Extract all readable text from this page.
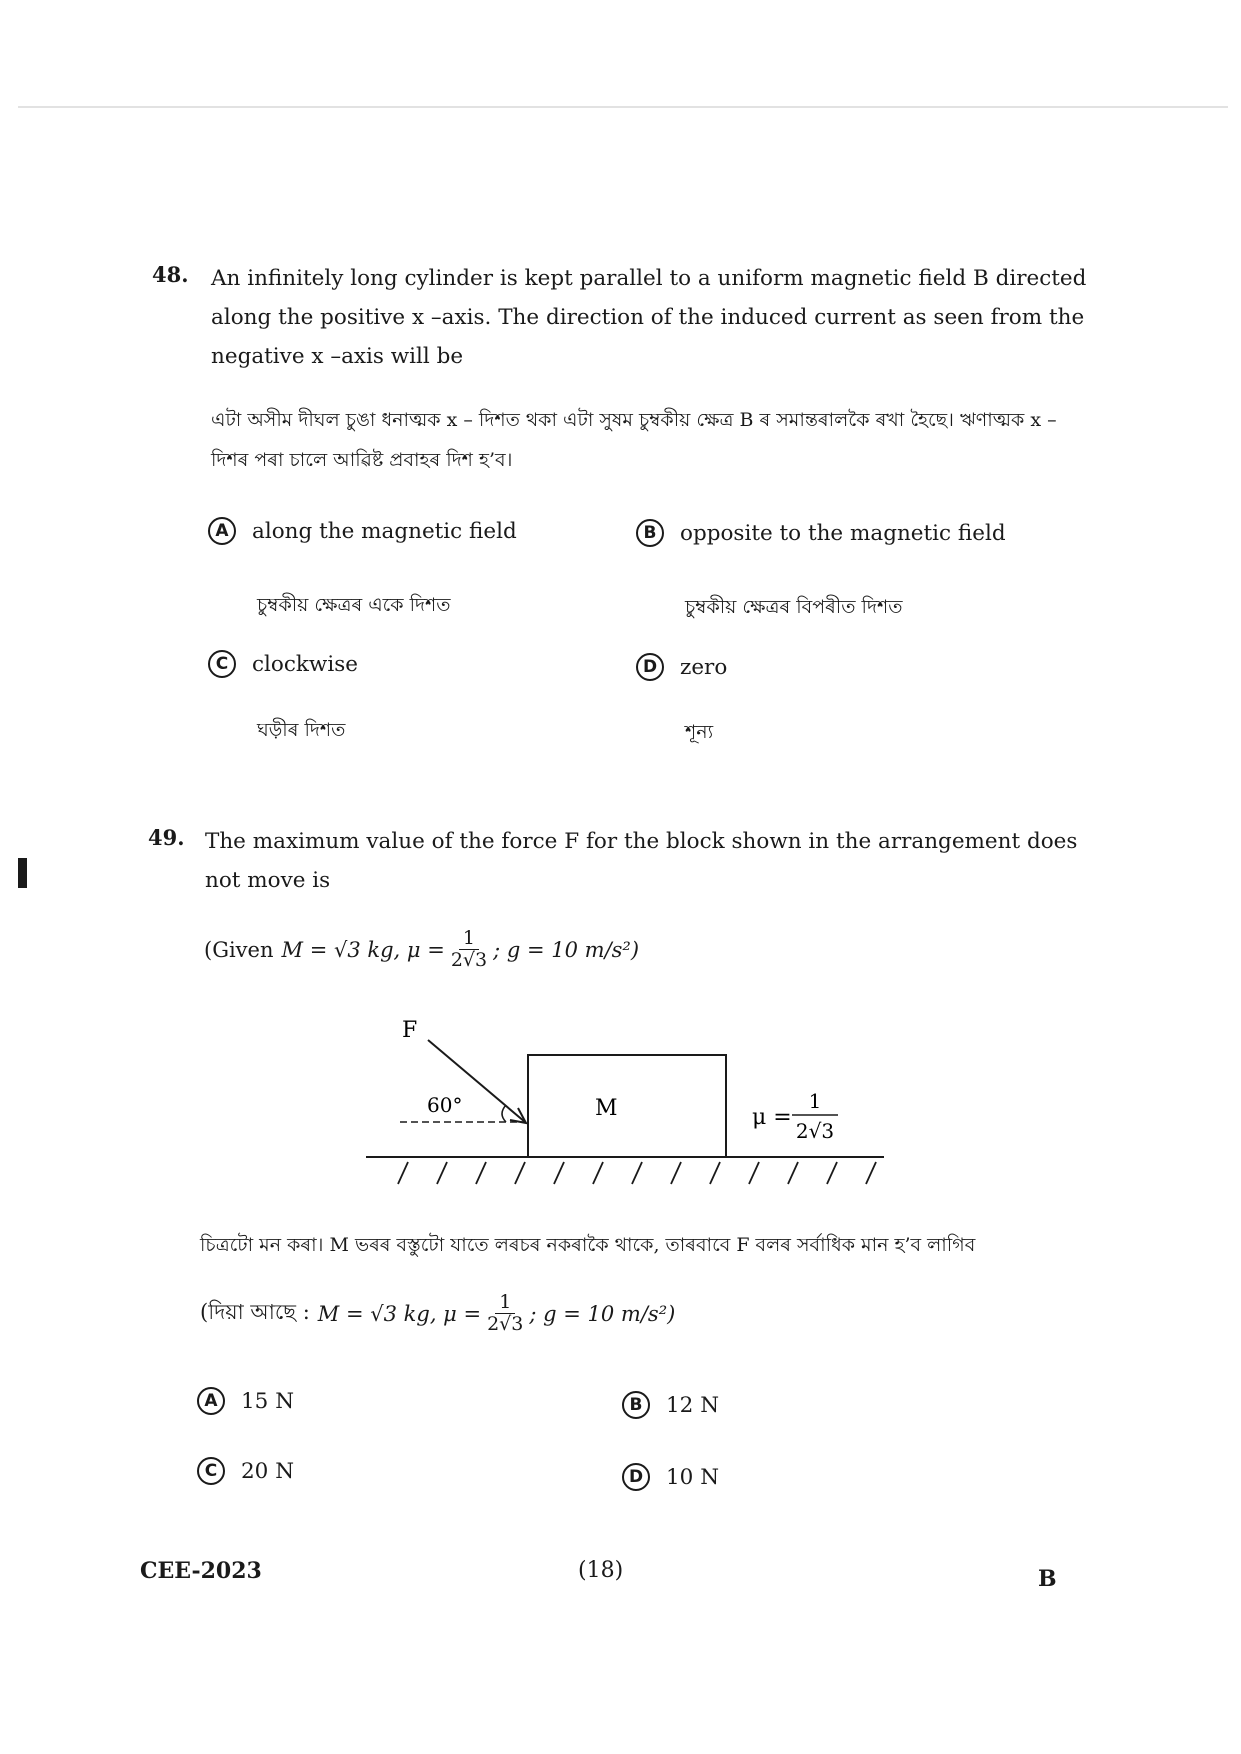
48. An infinitely long cylinder is kept parallel to a uniform magnetic field B directed along the positive x –axis. The direction of the induced current as seen from the negative x –axis will be
এটা অসীম দীঘল চুঙা ধনাত্মক x – দিশত থকা এটা সুষম চুম্বকীয় ক্ষেত্ৰ B ৰ সমান্তৰালকৈ ৰখা হৈছে। ঋণাত্মক x – দিশৰ পৰা চালে আৱিষ্ট প্ৰবাহৰ দিশ হ’ব।
A	along the magnetic field
চুম্বকীয় ক্ষেত্ৰৰ একে দিশত
B	opposite to the magnetic field
চুম্বকীয় ক্ষেত্ৰৰ বিপৰীত দিশত
C	clockwise
ঘড়ীৰ দিশত
D	zero
শূন্য
49. The maximum value of the force F for the block shown in the arrangement does not move is
(Given M = √3 kg, $\mu = \frac{1}{2√3}$ ; g = 10 m/s²)
M
F
60°	μ =
1
2√3
চিত্ৰটো মন কৰা। M ভৰৰ বস্তুটো যাতে লৰচৰ নকৰাকৈ থাকে, তাৰবাবে F বলৰ সৰ্বাধিক মান হ’ব লাগিব
(দিয়া আছে : M = √3 kg, $\mu = \frac{1}{2√3}$ ; g = 10 m/s²)
A	15 N	B	12 N
C	20 N	D	10 N
CEE-2023	(18)	B
